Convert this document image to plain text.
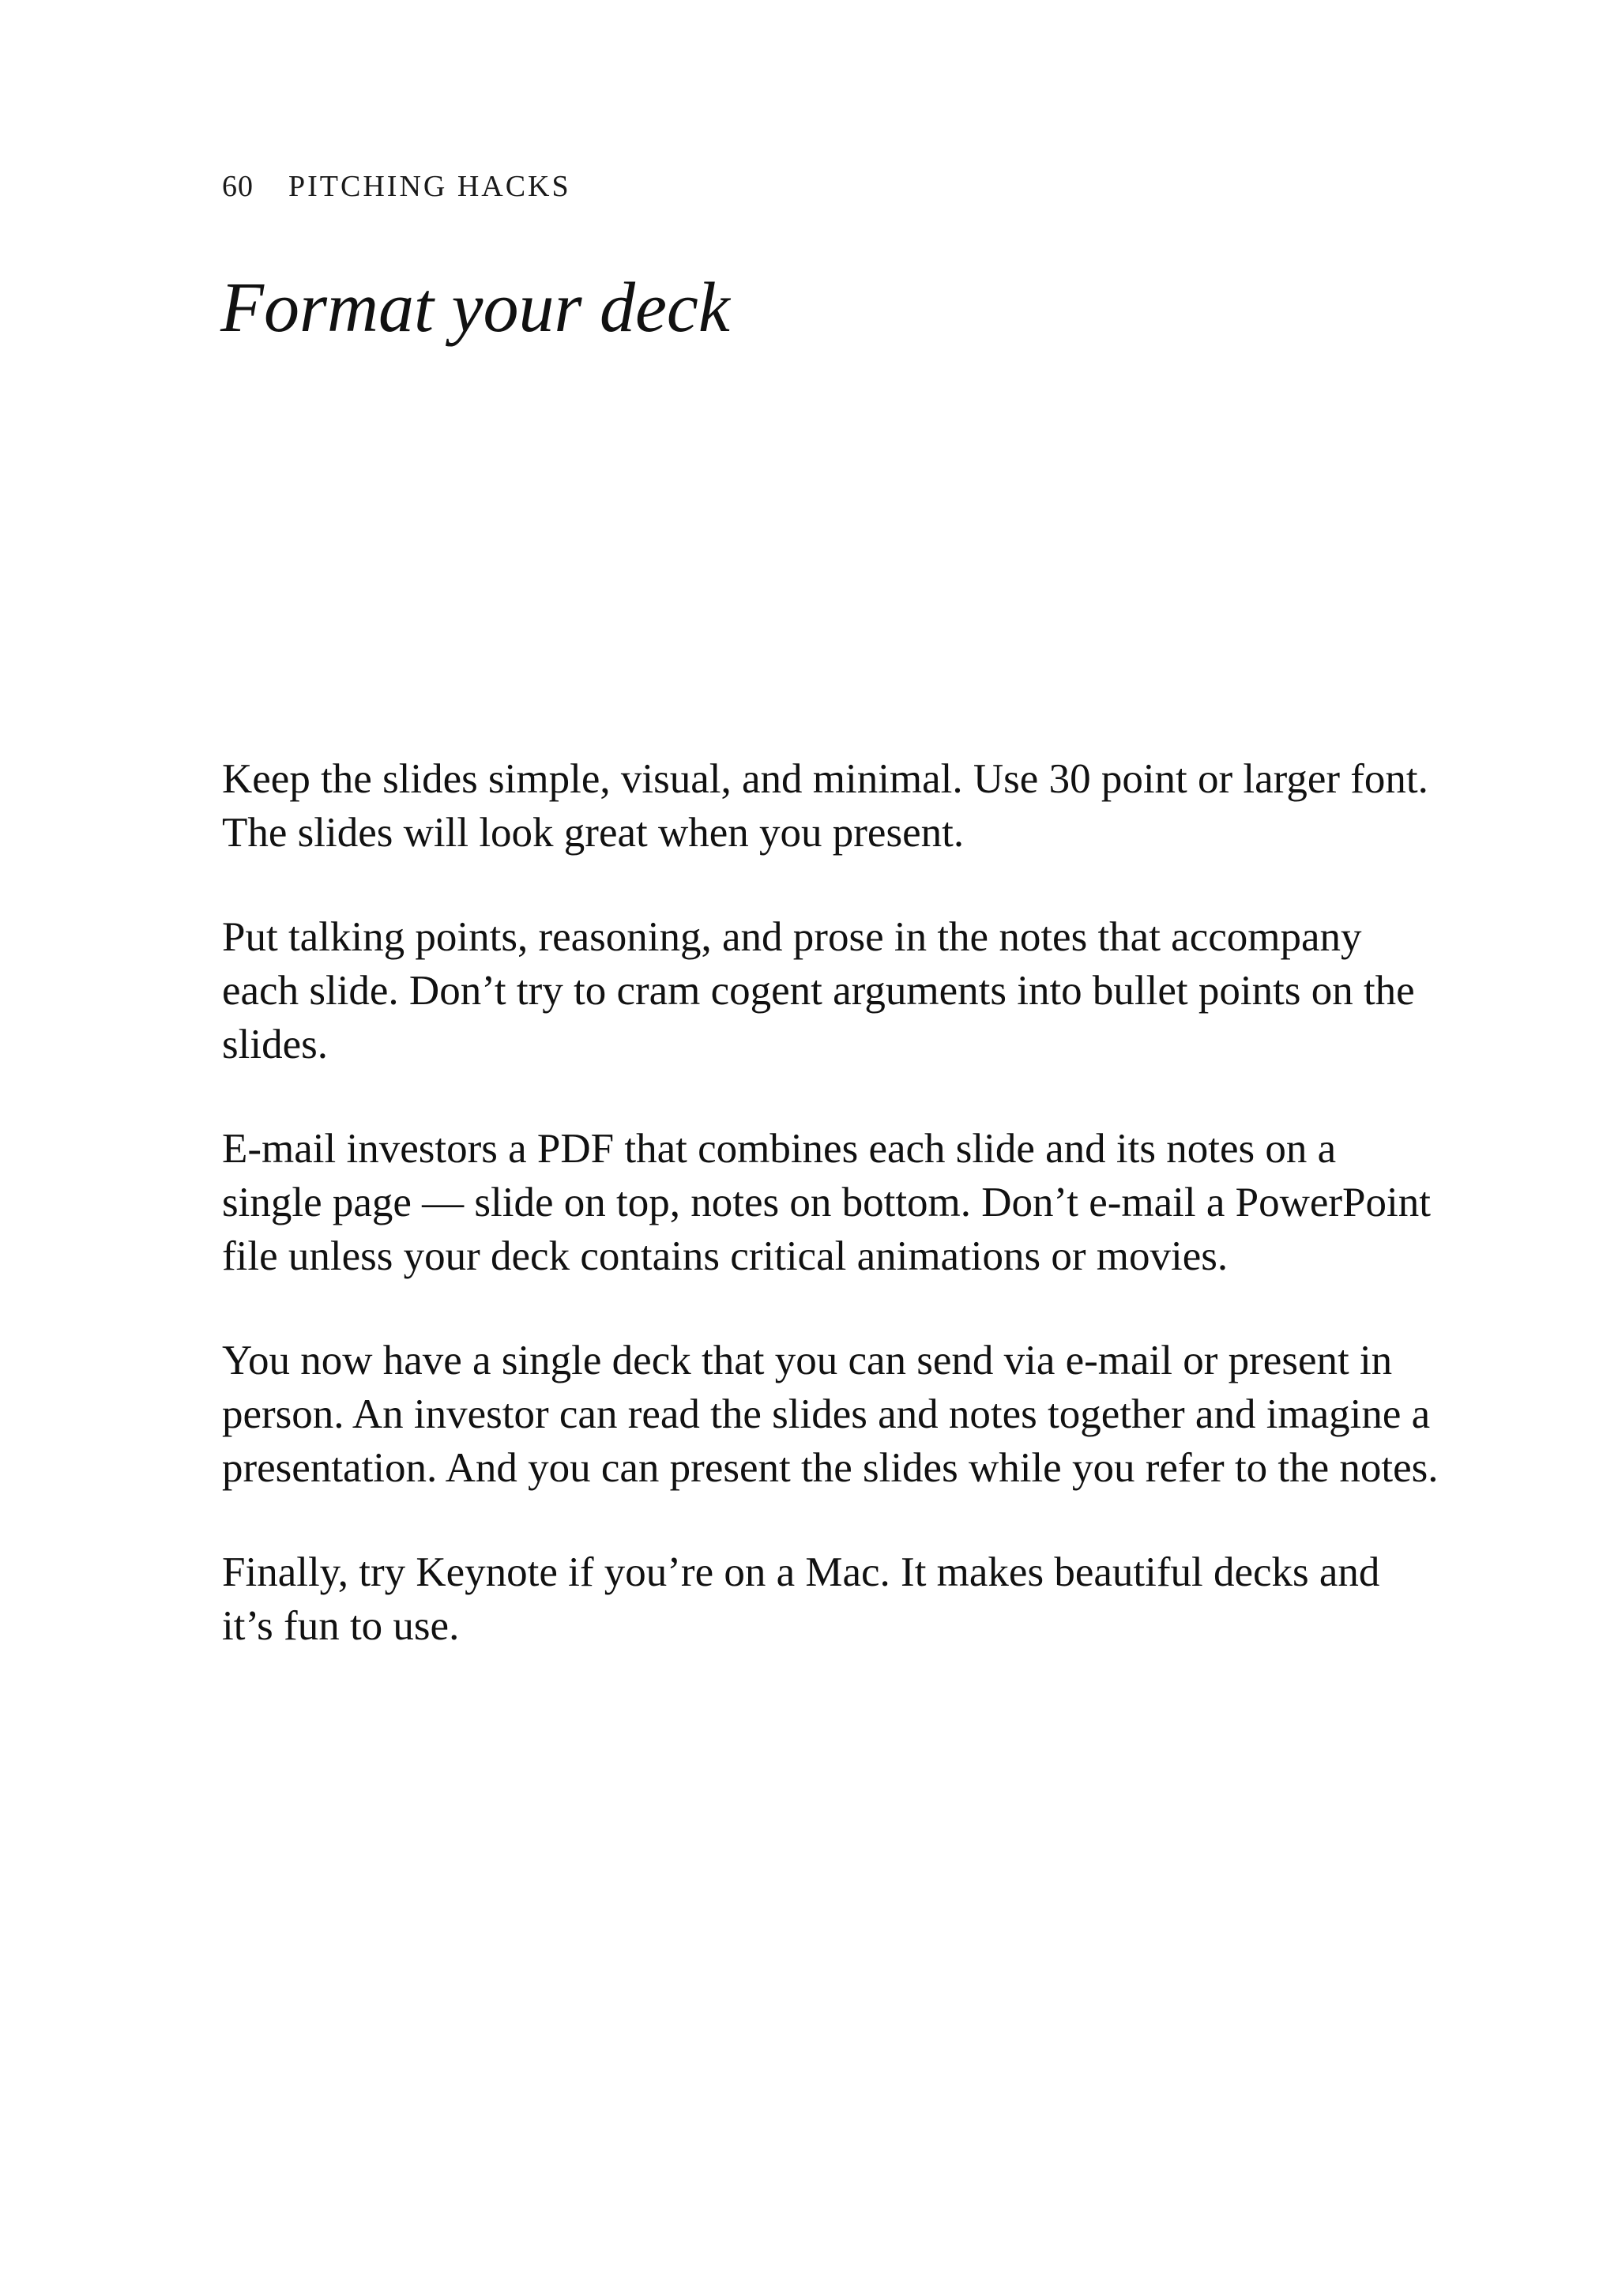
60 PITCHING HACKS
Format your deck

Keep the slides simple, visual, and minimal. Use 30 point or larger font. The slides will look great when you present.

Put talking points, reasoning, and prose in the notes that accompany each slide. Don’t try to cram cogent arguments into bullet points on the slides.

E-mail investors a PDF that combines each slide and its notes on a single page — slide on top, notes on bottom. Don’t e-mail a PowerPoint file unless your deck contains critical animations or movies.

You now have a single deck that you can send via e-mail or present in person. An investor can read the slides and notes together and imagine a presentation. And you can present the slides while you refer to the notes.

Finally, try Keynote if you’re on a Mac. It makes beautiful decks and it’s fun to use.
